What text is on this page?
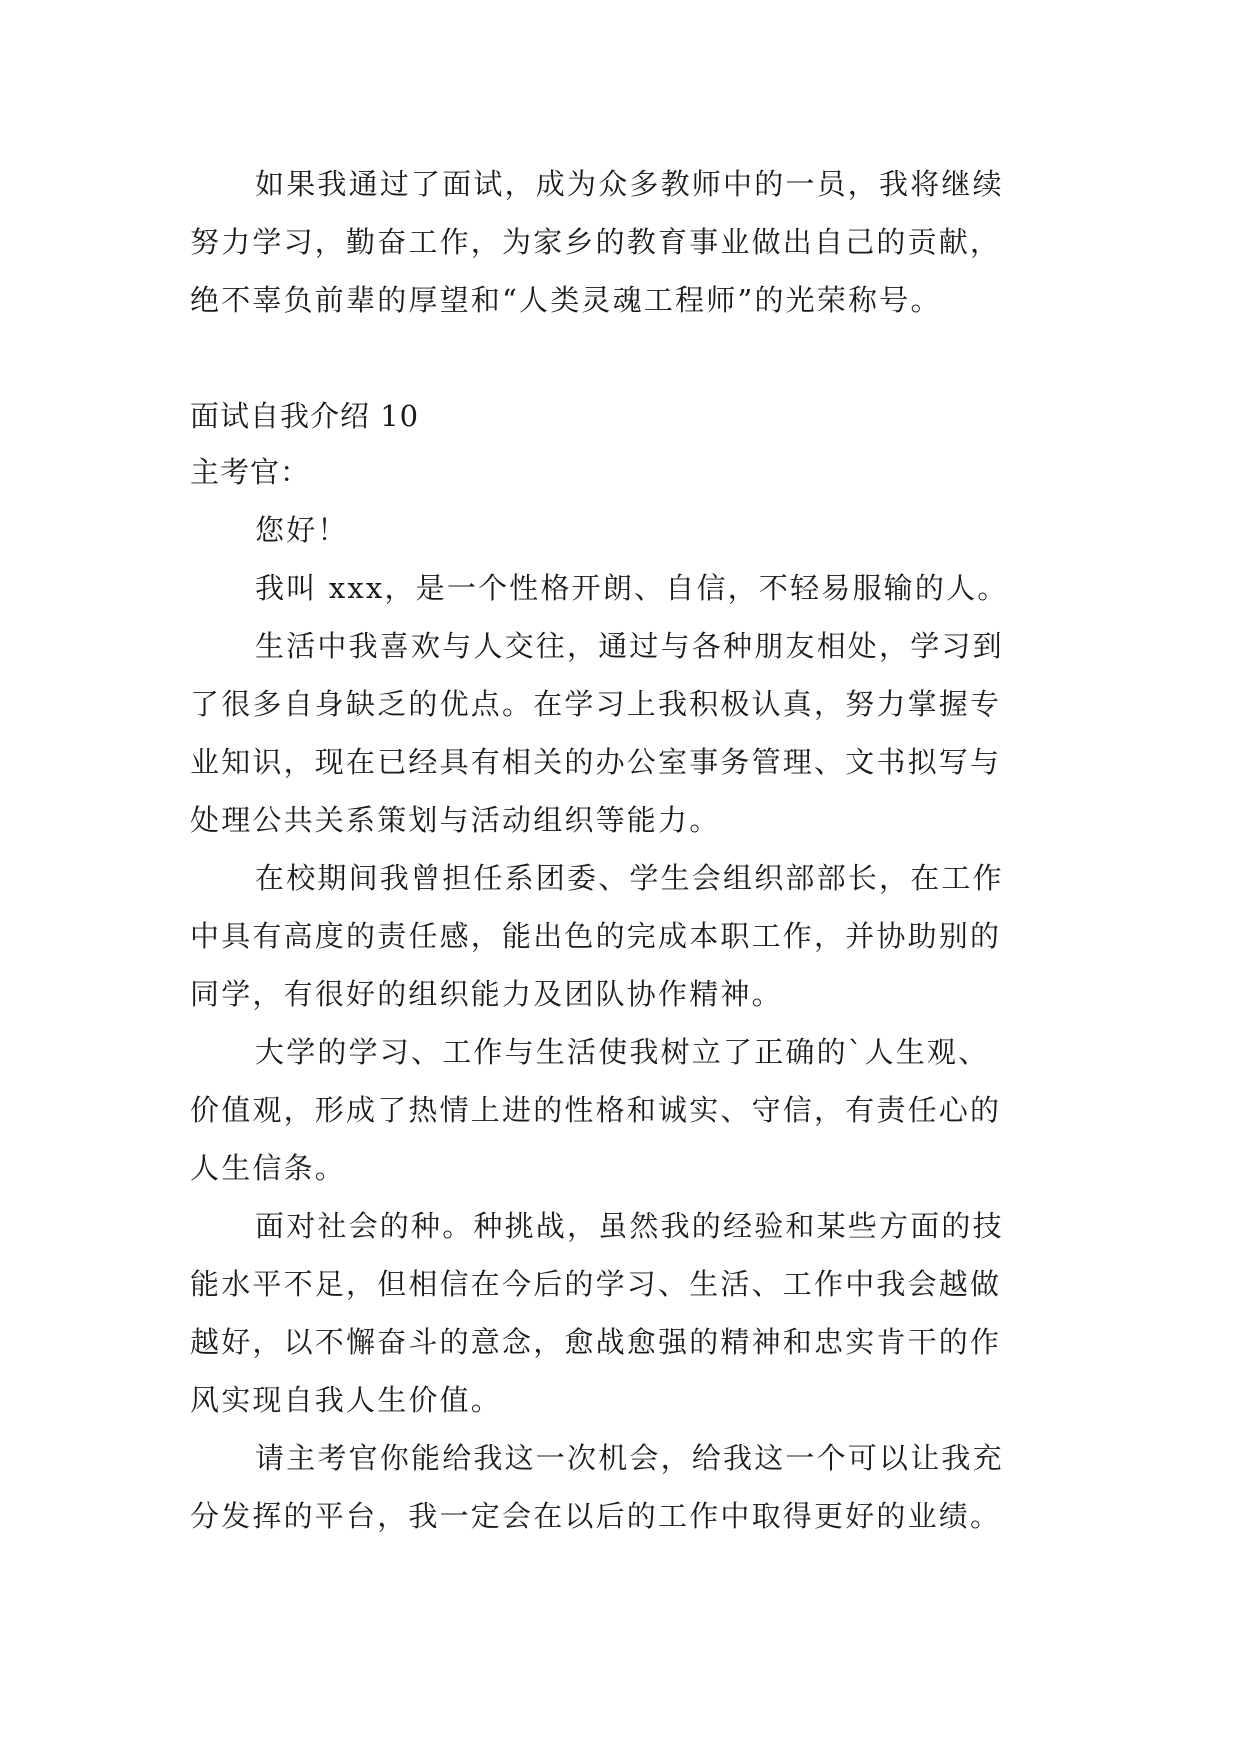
如果我通过了面试，成为众多教师中的一员，我将继续

努力学习，勤奋工作，为家乡的教育事业做出自己的贡献，

绝不辜负前辈的厚望和“人类灵魂工程师”的光荣称号。

面试自我介绍 10

主考官：

您好！

我叫 xxx，是一个性格开朗、自信，不轻易服输的人。

生活中我喜欢与人交往，通过与各种朋友相处，学习到

了很多自身缺乏的优点。在学习上我积极认真，努力掌握专

业知识，现在已经具有相关的办公室事务管理、文书拟写与

处理公共关系策划与活动组织等能力。

在校期间我曾担任系团委、学生会组织部部长，在工作

中具有高度的责任感，能出色的完成本职工作，并协助别的

同学，有很好的组织能力及团队协作精神。

大学的学习、工作与生活使我树立了正确的`人生观、

价值观，形成了热情上进的性格和诚实、守信，有责任心的

人生信条。

面对社会的种。种挑战，虽然我的经验和某些方面的技

能水平不足，但相信在今后的学习、生活、工作中我会越做

越好，以不懈奋斗的意念，愈战愈强的精神和忠实肯干的作

风实现自我人生价值。

请主考官你能给我这一次机会，给我这一个可以让我充

分发挥的平台，我一定会在以后的工作中取得更好的业绩。
